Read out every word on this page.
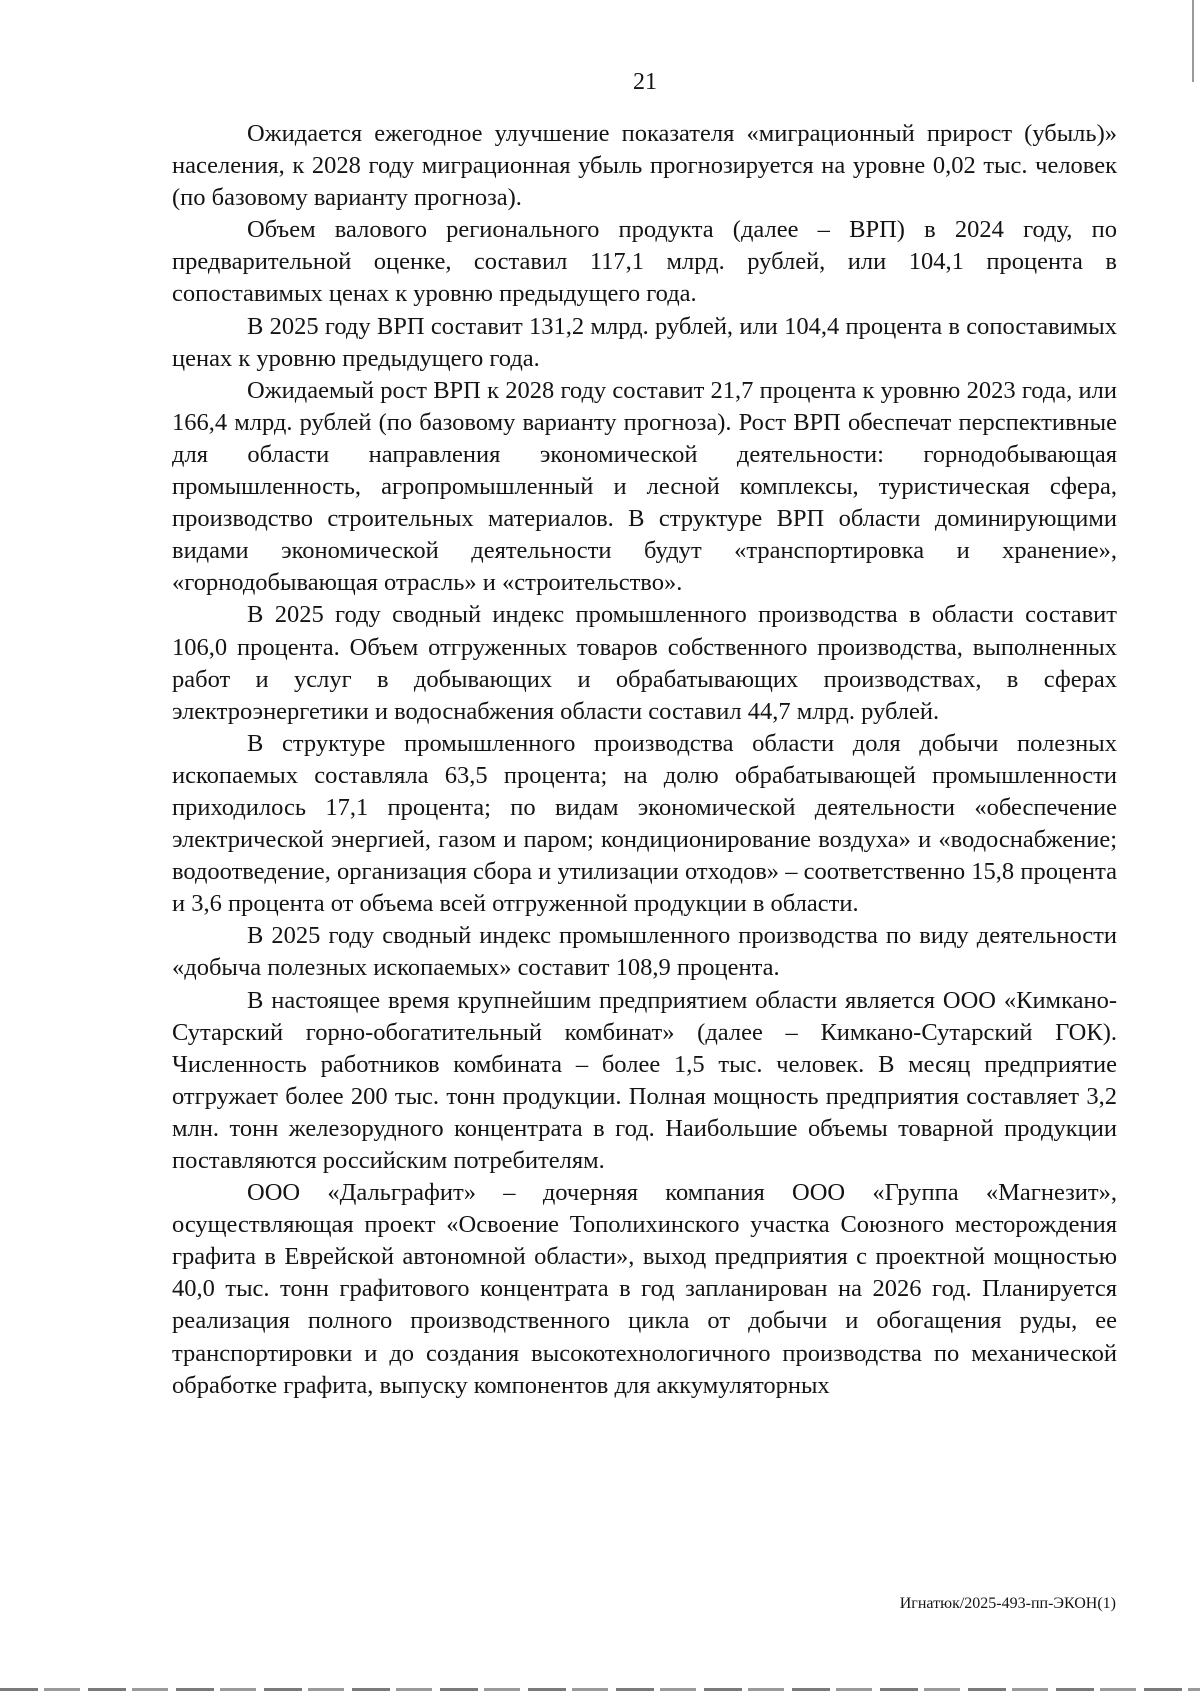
21

Ожидается ежегодное улучшение показателя «миграционный прирост (убыль)» населения, к 2028 году миграционная убыль прогнозируется на уровне 0,02 тыс. человек (по базовому варианту прогноза).

Объем валового регионального продукта (далее – ВРП) в 2024 году, по предварительной оценке, составил 117,1 млрд. рублей, или 104,1 процента в сопоставимых ценах к уровню предыдущего года.

В 2025 году ВРП составит 131,2 млрд. рублей, или 104,4 процента в сопоставимых ценах к уровню предыдущего года.

Ожидаемый рост ВРП к 2028 году составит 21,7 процента к уровню 2023 года, или 166,4 млрд. рублей (по базовому варианту прогноза). Рост ВРП обеспечат перспективные для области направления экономической деятельности: горнодобывающая промышленность, агропромышленный и лесной комплексы, туристическая сфера, производство строительных материалов. В структуре ВРП области доминирующими видами экономической деятельности будут «транспортировка и хранение», «горнодобывающая отрасль» и «строительство».

В 2025 году сводный индекс промышленного производства в области составит 106,0 процента. Объем отгруженных товаров собственного производства, выполненных работ и услуг в добывающих и обрабатывающих производствах, в сферах электроэнергетики и водоснабжения области составил 44,7 млрд. рублей.

В структуре промышленного производства области доля добычи полезных ископаемых составляла 63,5 процента; на долю обрабатывающей промышленности приходилось 17,1 процента; по видам экономической деятельности «обеспечение электрической энергией, газом и паром; кондиционирование воздуха» и «водоснабжение; водоотведение, организация сбора и утилизации отходов» – соответственно 15,8 процента и 3,6 процента от объема всей отгруженной продукции в области.

В 2025 году сводный индекс промышленного производства по виду деятельности «добыча полезных ископаемых» составит 108,9 процента.

В настоящее время крупнейшим предприятием области является ООО «Кимкано-Сутарский горно-обогатительный комбинат» (далее – Кимкано-Сутарский ГОК). Численность работников комбината – более 1,5 тыс. человек. В месяц предприятие отгружает более 200 тыс. тонн продукции. Полная мощность предприятия составляет 3,2 млн. тонн железорудного концентрата в год. Наибольшие объемы товарной продукции поставляются российским потребителям.

ООО «Дальграфит» – дочерняя компания ООО «Группа «Магнезит», осуществляющая проект «Освоение Тополихинского участка Союзного месторождения графита в Еврейской автономной области», выход предприятия с проектной мощностью 40,0 тыс. тонн графитового концентрата в год запланирован на 2026 год. Планируется реализация полного производственного цикла от добычи и обогащения руды, ее транспортировки и до создания высокотехнологичного производства по механической обработке графита, выпуску компонентов для аккумуляторных

Игнатюк/2025-493-пп-ЭКОН(1)
